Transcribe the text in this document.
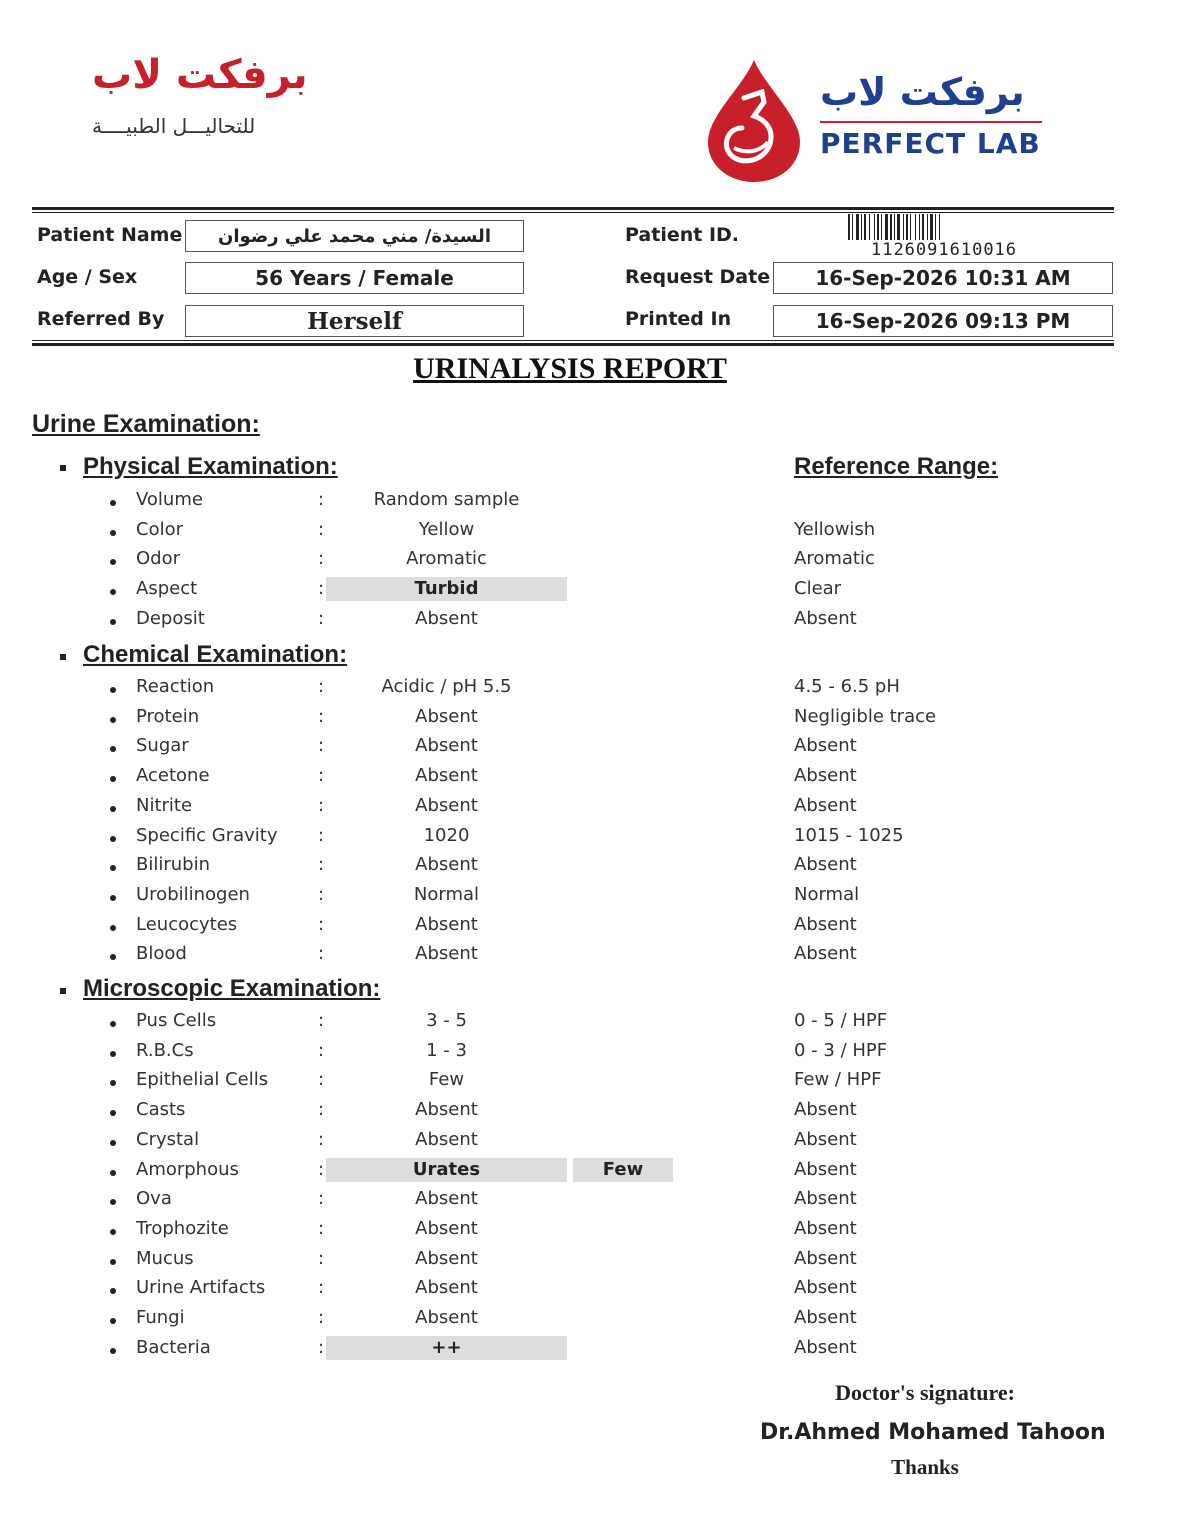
برفكت لاب
للتحاليـــل الطبيــــة
برفكت لاب
PERFECT LAB
Patient Name	السيدة/ مني محمد علي رضوان
Age / Sex	56 Years / Female
Referred By	Herself
Patient ID.
1126091610016
Request Date	16-Sep-2026 10:31 AM
Printed In	16-Sep-2026 09:13 PM
URINALYSIS REPORT
Urine Examination:
Physical Examination:	Reference Range:
Volume	:	Random sample
Color	:	Yellow	Yellowish
Odor	:	Aromatic	Aromatic
Aspect	:	Turbid	Clear
Deposit	:	Absent	Absent
Chemical Examination:
Reaction	:	Acidic / pH 5.5	4.5 - 6.5 pH
Protein	:	Absent	Negligible trace
Sugar	:	Absent	Absent
Acetone	:	Absent	Absent
Nitrite	:	Absent	Absent
Specific Gravity :	1020	1015 - 1025
Bilirubin	:	Absent	Absent
Urobilinogen	:	Normal	Normal
Leucocytes	:	Absent	Absent
Blood	:	Absent	Absent
Microscopic Examination:
Pus Cells	:	3 - 5	0 - 5 / HPF
R.B.Cs	:	1 - 3	0 - 3 / HPF
Epithelial Cells	:	Few	Few / HPF
Casts	:	Absent	Absent
Crystal	:	Absent	Absent
Amorphous	:	Urates	Few	Absent
Ova	:	Absent	Absent
Trophozite	:	Absent	Absent
Mucus	:	Absent	Absent
Urine Artifacts	:	Absent	Absent
Fungi	:	Absent	Absent
Bacteria	:	++	Absent
Doctor's signature:
Dr.Ahmed Mohamed Tahoon
Thanks
